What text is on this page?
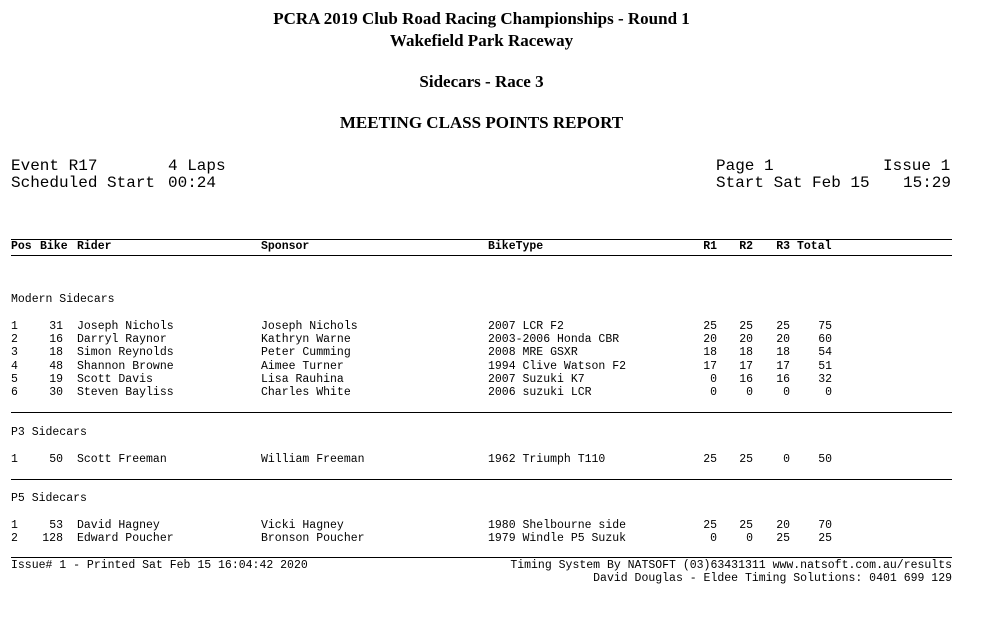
PCRA 2019 Club Road Racing Championships - Round 1
Wakefield Park Raceway
Sidecars - Race 3
MEETING CLASS POINTS REPORT
Event R17	4 Laps
Scheduled Start 00:24
Page 1	Issue 1
Start Sat Feb 15 15:29
Pos Bike Rider	Sponsor	BikeType	R1	R2	R3 Total
Modern Sidecars
1	31 Joseph Nichols	Joseph Nichols	2007 LCR F2	25	25	25	75
2	16 Darryl Raynor	Kathryn Warne	2003-2006 Honda CBR	20	20	20	60
3	18 Simon Reynolds	Peter Cumming	2008 MRE GSXR	18	18	18	54
4	48 Shannon Browne	Aimee Turner	1994 Clive Watson F2	17	17	17	51
5	19 Scott Davis	Lisa Rauhina	2007 Suzuki K7	0	16	16	32
6	30 Steven Bayliss	Charles White	2006 suzuki LCR	0	0	0	0
P3 Sidecars
1	50 Scott Freeman	William Freeman	1962 Triumph T110	25	25	0	50
P5 Sidecars
1	53 David Hagney	Vicki Hagney	1980 Shelbourne side	25	25	20	70
2	128 Edward Poucher	Bronson Poucher	1979 Windle P5 Suzuk	0	0	25	25
Issue# 1 - Printed Sat Feb 15 16:04:42 2020	Timing System By NATSOFT (03)63431311 www.natsoft.com.au/results
David Douglas - Eldee Timing Solutions: 0401 699 129
